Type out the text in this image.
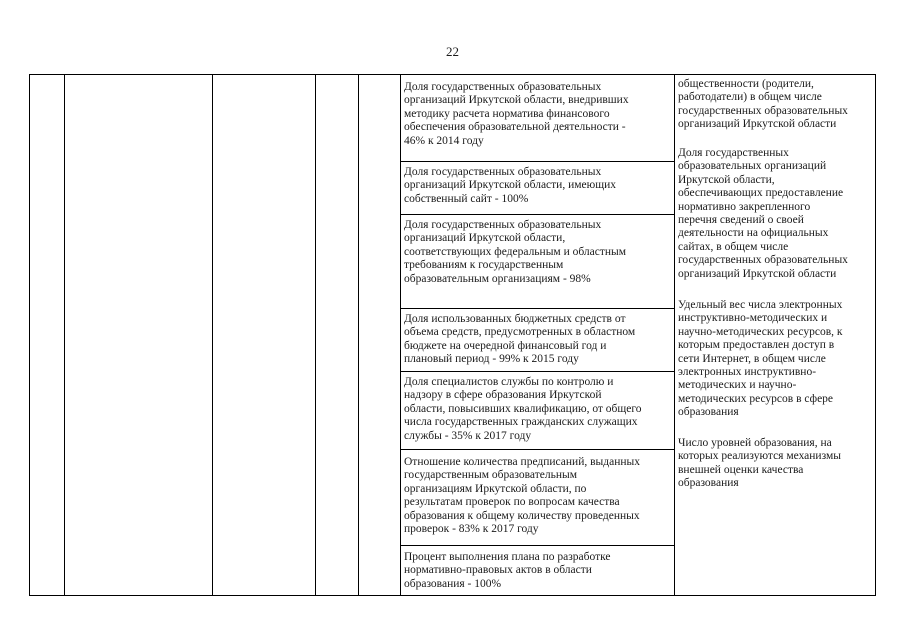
22
Доля государственных образовательных
организаций Иркутской области, внедривших
методику расчета норматива финансового
обеспечения образовательной деятельности -
46% к 2014 году
Доля государственных образовательных
организаций Иркутской области, имеющих
собственный сайт - 100%
Доля государственных образовательных
организаций Иркутской области,
соответствующих федеральным и областным
требованиям к государственным
образовательным организациям - 98%
Доля использованных бюджетных средств от
объема средств, предусмотренных в областном
бюджете на очередной финансовый год и
плановый период - 99% к 2015 году
Доля специалистов службы по контролю и
надзору в сфере образования Иркутской
области, повысивших квалификацию, от общего
числа государственных гражданских служащих
службы - 35% к 2017 году
Отношение количества предписаний, выданных
государственным образовательным
организациям Иркутской области, по
результатам проверок по вопросам качества
образования к общему количеству проведенных
проверок - 83% к 2017 году
Процент выполнения плана по разработке
нормативно-правовых актов в области
образования - 100%
общественности (родители,
работодатели) в общем числе
государственных образовательных
организаций Иркутской области
Доля государственных
образовательных организаций
Иркутской области,
обеспечивающих предоставление
нормативно закрепленного
перечня сведений о своей
деятельности на официальных
сайтах, в общем числе
государственных образовательных
организаций Иркутской области
Удельный вес числа электронных
инструктивно-методических и
научно-методических ресурсов, к
которым предоставлен доступ в
сети Интернет, в общем числе
электронных инструктивно-
методических и научно-
методических ресурсов в сфере
образования
Число уровней образования, на
которых реализуются механизмы
внешней оценки качества
образования
